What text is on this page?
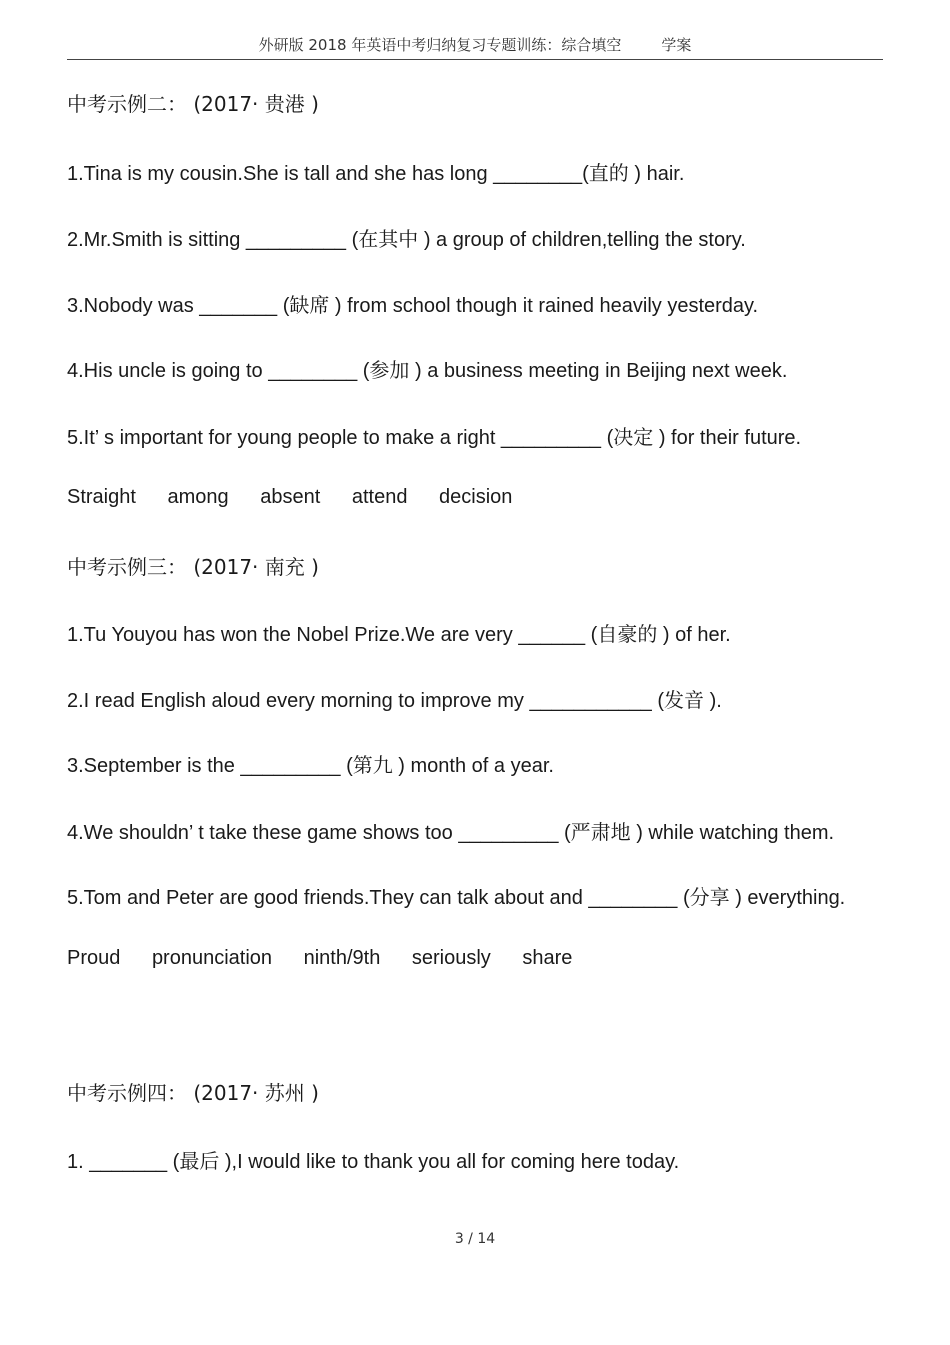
外研版 2018 年英语中考归纳复习专题训练：综合填空	学案
中考示例二： (2017· 贵港 )
1.Tina is my cousin.She is tall and she has long ________(直的 ) hair.
2.Mr.Smith is sitting _________ (在其中 ) a group of children,telling the story.
3.Nobody was _______ (缺席 ) from school though it rained heavily yesterday.
4.His uncle is going to ________ (参加 ) a business meeting in Beijing next week.
5.It’ s important for young people to make a right _________ (决定 ) for their future.
Straight among absent attend decision
中考示例三： (2017· 南充 )
1.Tu Youyou has won the Nobel Prize.We are very ______ (自豪的 ) of her.
2.I read English aloud every morning to improve my ___________ (发音 ).
3.September is the _________ (第九 ) month of a year.
4.We shouldn’ t take these game shows too _________ (严肃地 ) while watching them.
5.Tom and Peter are good friends.They can talk about and ________ (分享 ) everything.
Proud pronunciation ninth/9th seriously share
中考示例四： (2017· 苏州 )
1. _______ (最后 ),I would like to thank you all for coming here today.
3 / 14
